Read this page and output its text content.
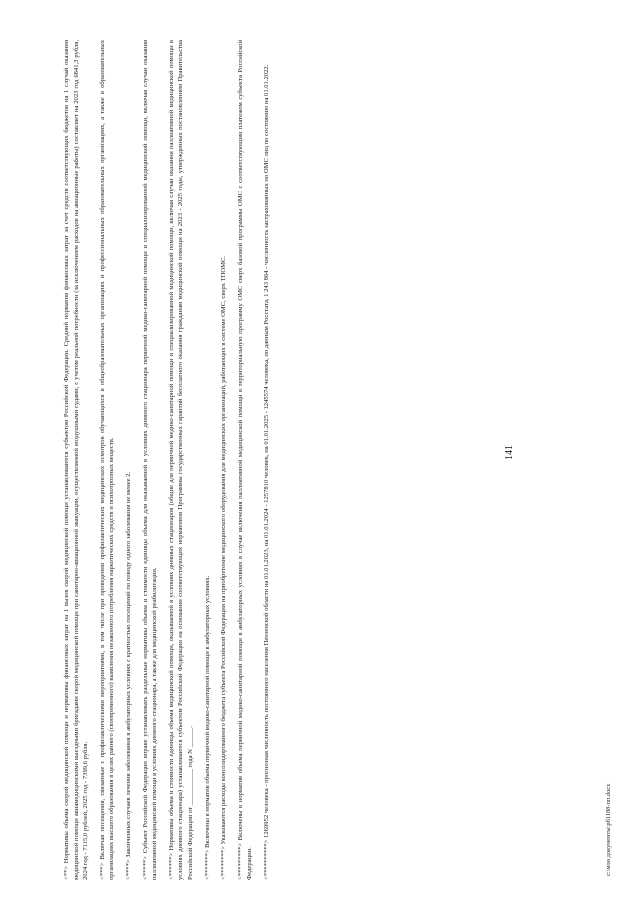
<**> Нормативы объема скорой медицинской помощи и нормативы финансовых затрат на 1 вызов скорой медицинской помощи устанавливаются субъектом Российской Федерации. Средний норматив финансовых затрат за счет средств соответствующих бюджетов на 1 случай оказания медицинской помощи авиамедицинскими выездными бригадами скорой медицинской помощи при санитарно-авиационной эвакуации, осуществляемой воздушными судами, с учетом реальной потребности (за исключением расходов на авиационные работы) составляет на 2023 год 6841,3 рубля, 2024 год - 7115,0 рублей, 2025 год - 7399,6 рубля. <***> Включая посещения, связанные с профилактическими мероприятиями, в том числе при проведении профилактических медицинских осмотров обучающихся в общеобразовательных организациях и профессиональных образовательных организациях, а также в образовательных организациях высшего образования в целях раннего (своевременного) выявления незаконного потребления наркотических средств и психотропных веществ. <****> Законченных случаев лечения заболевания в амбулаторных условиях с кратностью посещений по поводу одного заболевания не менее 2. <*****> Субъект Российской Федерации вправе устанавливать раздельные нормативы объема и стоимости единицы объема для оказываемой в условиях дневного стационара первичной медико-санитарной помощи и специализированной медицинской помощи, включая случаи оказания паллиативной медицинской помощи в условиях дневного стационара, а также для медицинской реабилитации. <******> Нормативы объема и стоимости единицы объема медицинской помощи, оказываемой в условиях дневных стационаров (общие для первичной медико-санитарной помощи и специализированной медицинской помощи, включая случаи оказания паллиативной медицинской помощи в условиях дневного стационара) устанавливаются субъектом Российской Федерации на основании соответствующих нормативов Программы государственных гарантий бесплатного оказания гражданам медицинской помощи на 2023 - 2025 годы, утвержденных постановлением Правительства Российской Федерации от ___________ года N ______. <*******> Включены в норматив объема первичной медико-санитарной помощи в амбулаторных условиях. <********> Указываются расходы консолидированного бюджета субъекта Российской Федерации на приобретение медицинского оборудования для медицинских организаций, работающих в системе ОМС, сверх ТПОМС. <*********> Включены в норматив объема первичной медико-санитарной помощи в амбулаторных условиях в случае включения паллиативной медицинской помощи в территориальную программу ОМС сверх базовой программы ОМС с соответствующим платежом субъекта Российской Федерации. <**********> 1269952 человека - прогнозная численность постоянного населения Пензенской области на 01.01.2023, на 01.01.2024 - 1257810 человек, на 01.01.2025 - 1245574 человека, по данным Росстата, 1 243 864 - численность застрахованных по ОМС лиц по состоянию на 01.01.2022.	141
c:\мои документы\рб1188-пп.docx
